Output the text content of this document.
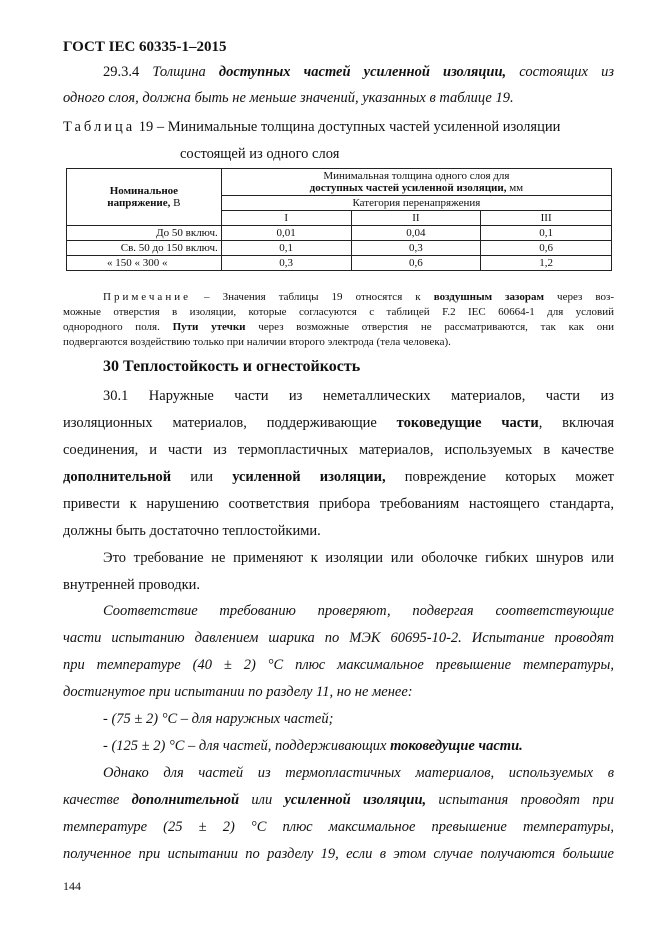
ГОСТ IEC 60335-1–2015
29.3.4 Толщина доступных частей усиленной изоляции, состоящих из
одного слоя, должна быть не меньше значений, указанных в таблице 19.
Таблица 19 – Минимальные толщина доступных частей усиленной изоляции
состоящей из одного слоя
Номинальное
напряжение, В	Минимальная толщина одного слоя для
доступных частей усиленной изоляции, мм		
	Категория перенапряжения		
	I	II	III
До 50 включ.	0,01	0,04	0,1
Св. 50 до 150 включ.	0,1	0,3	0,6
« 150 « 300 «	0,3	0,6	1,2
Примечание – Значения таблицы 19 относятся к воздушным зазорам через воз-
можные отверстия в изоляции, которые согласуются с таблицей F.2 IEC 60664-1 для условий
однородного поля. Пути утечки через возможные отверстия не рассматриваются, так как они
подвергаются воздействию только при наличии второго электрода (тела человека).
30 Теплостойкость и огнестойкость
30.1 Наружные части из неметаллических материалов, части из
изоляционных материалов, поддерживающие токоведущие части, включая
соединения, и части из термопластичных материалов, используемых в качестве
дополнительной или усиленной изоляции, повреждение которых может
привести к нарушению соответствия прибора требованиям настоящего стандарта,
должны быть достаточно теплостойкими.
Это требование не применяют к изоляции или оболочке гибких шнуров или
внутренней проводки.
Соответствие требованию проверяют, подвергая соответствующие
части испытанию давлением шарика по МЭК 60695-10-2. Испытание проводят
при температуре (40 ± 2) °С плюс максимальное превышение температуры,
достигнутое при испытании по разделу 11, но не менее:
- (75 ± 2) °С – для наружных частей;
- (125 ± 2) °С – для частей, поддерживающих токоведущие части.
Однако для частей из термопластичных материалов, используемых в
качестве дополнительной или усиленной изоляции, испытания проводят при
температуре (25 ± 2) °С плюс максимальное превышение температуры,
полученное при испытании по разделу 19, если в этом случае получаются большие
144
